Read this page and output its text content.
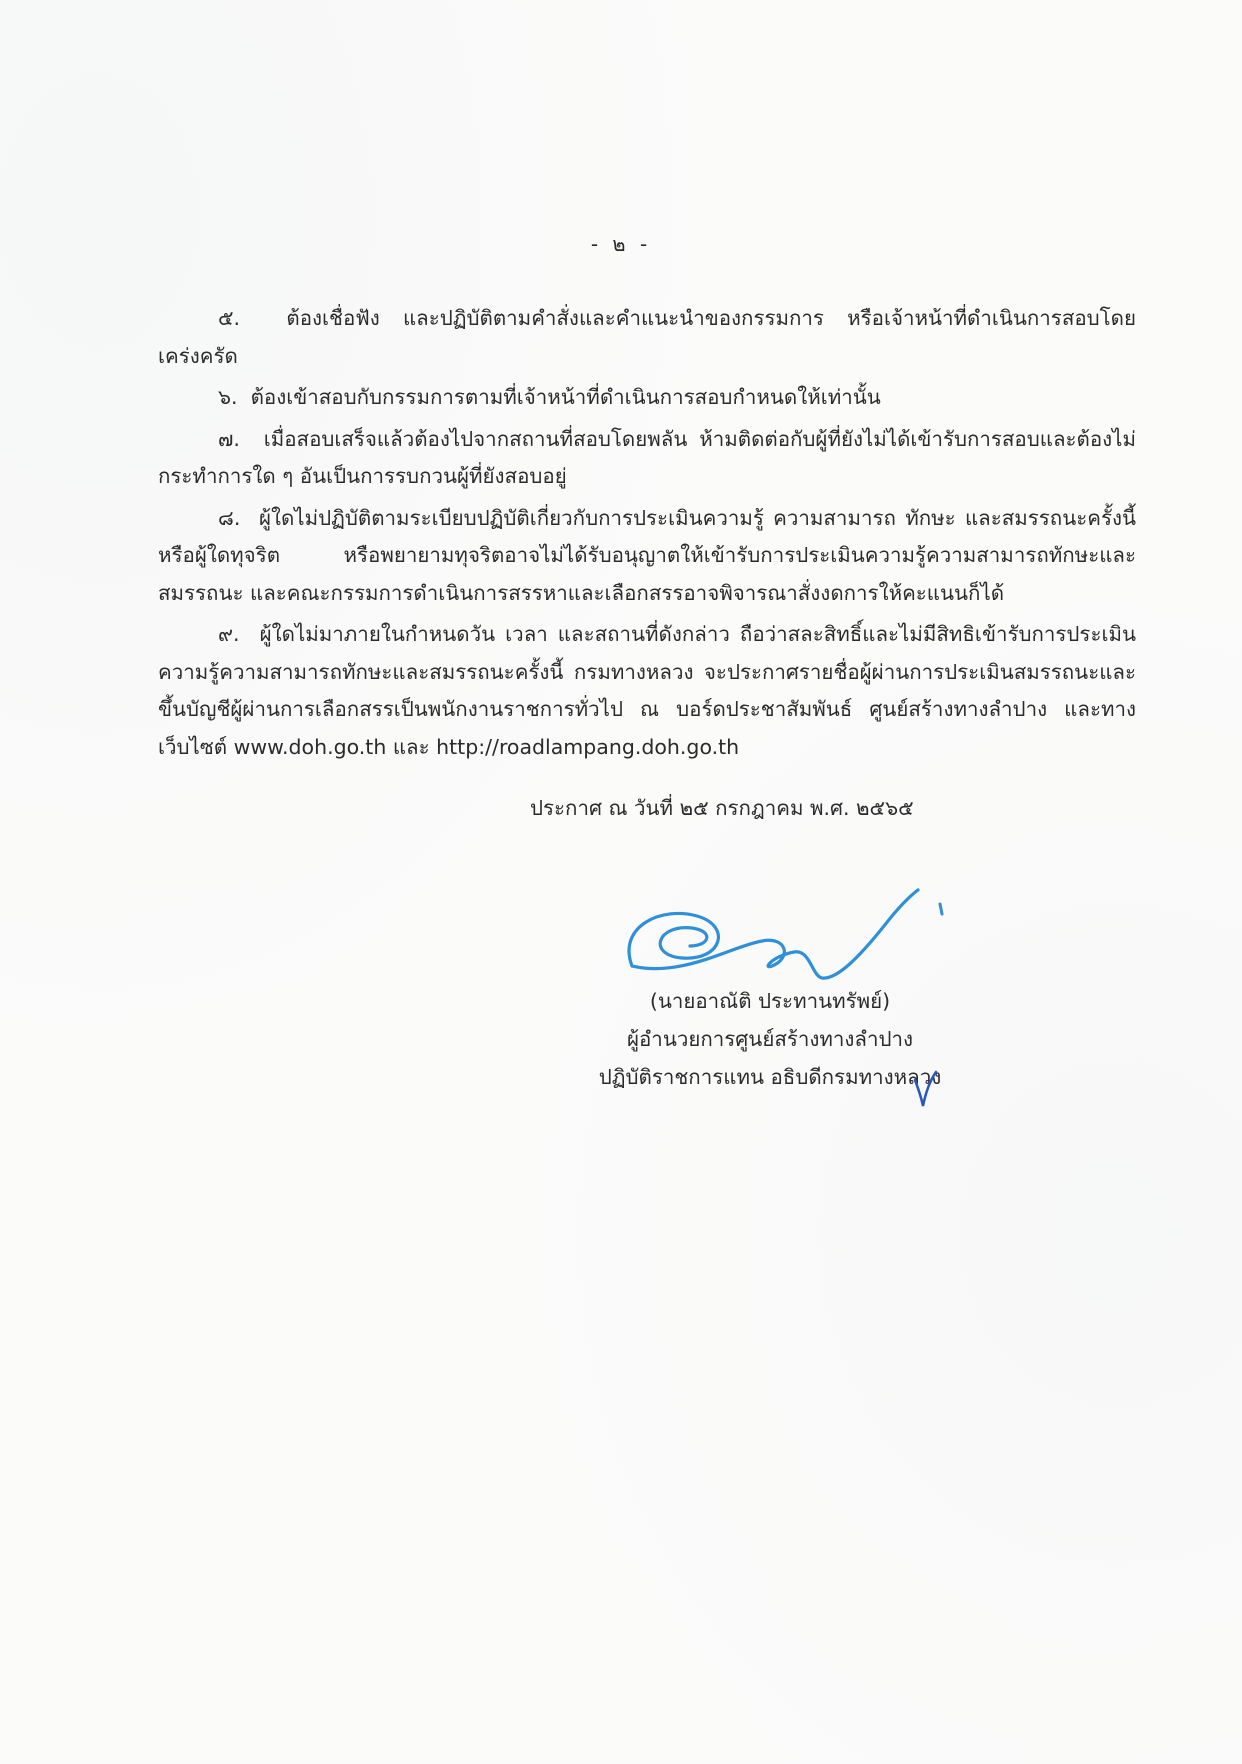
- ๒ -

๕. ต้องเชื่อฟัง และปฏิบัติตามคำสั่งและคำแนะนำของกรรมการ หรือเจ้าหน้าที่ดำเนินการสอบโดยเคร่งครัด

๖. ต้องเข้าสอบกับกรรมการตามที่เจ้าหน้าที่ดำเนินการสอบกำหนดให้เท่านั้น

๗. เมื่อสอบเสร็จแล้วต้องไปจากสถานที่สอบโดยพลัน ห้ามติดต่อกับผู้ที่ยังไม่ได้เข้ารับการสอบและต้องไม่กระทำการใด ๆ อันเป็นการรบกวนผู้ที่ยังสอบอยู่

๘. ผู้ใดไม่ปฏิบัติตามระเบียบปฏิบัติเกี่ยวกับการประเมินความรู้ ความสามารถ ทักษะ และสมรรถนะครั้งนี้ หรือผู้ใดทุจริต หรือพยายามทุจริตอาจไม่ได้รับอนุญาตให้เข้ารับการประเมินความรู้ความสามารถทักษะและสมรรถนะ และคณะกรรมการดำเนินการสรรหาและเลือกสรรอาจพิจารณาสั่งงดการให้คะแนนก็ได้

๙. ผู้ใดไม่มาภายในกำหนดวัน เวลา และสถานที่ดังกล่าว ถือว่าสละสิทธิ์และไม่มีสิทธิเข้ารับการประเมินความรู้ความสามารถทักษะและสมรรถนะครั้งนี้ กรมทางหลวง จะประกาศรายชื่อผู้ผ่านการประเมินสมรรถนะและขึ้นบัญชีผู้ผ่านการเลือกสรรเป็นพนักงานราชการทั่วไป ณ บอร์ดประชาสัมพันธ์ ศูนย์สร้างทางลำปาง และทางเว็บไซต์ www.doh.go.th และ http://roadlampang.doh.go.th

ประกาศ ณ วันที่ ๒๕ กรกฎาคม พ.ศ. ๒๕๖๕
(นายอาณัติ ประทานทรัพย์)
ผู้อำนวยการศูนย์สร้างทางลำปาง
ปฏิบัติราชการแทน อธิบดีกรมทางหลวง
